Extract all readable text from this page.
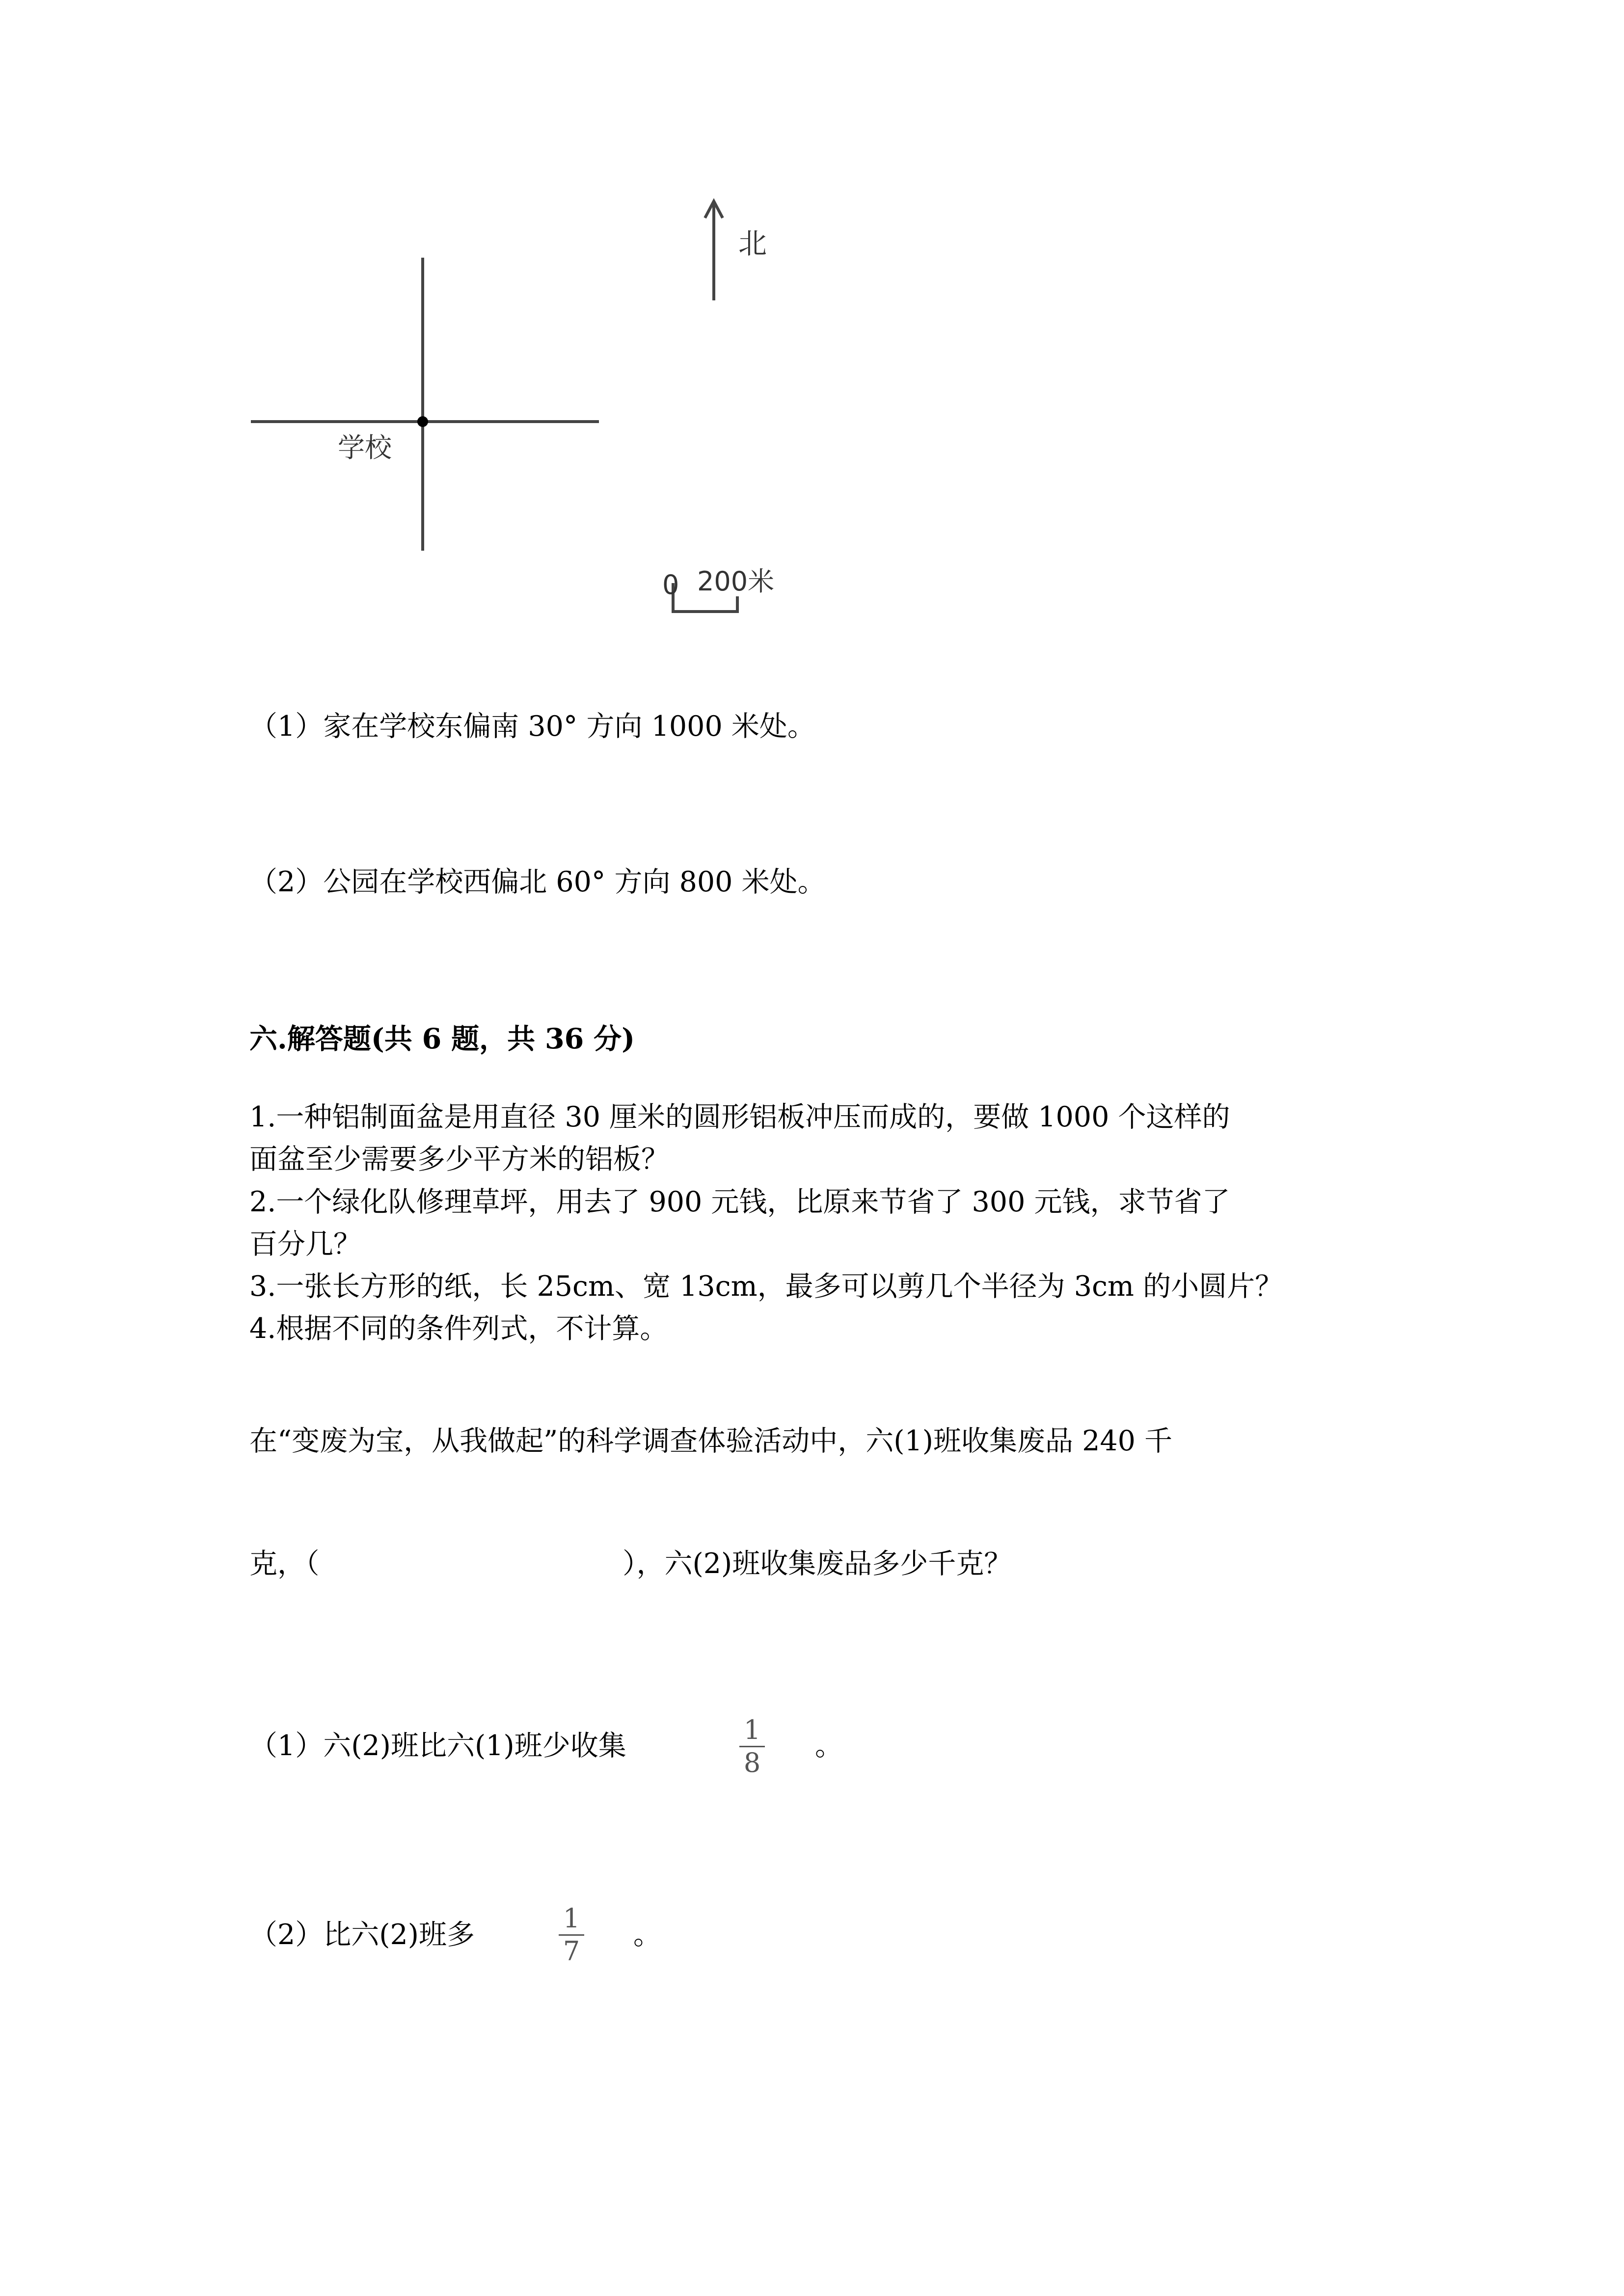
北
学校
0 200米
（1）家在学校东偏南 30° 方向 1000 米处。
（2）公园在学校西偏北 60° 方向 800 米处。
六.解答题(共 6 题，共 36 分)
1.一种铝制面盆是用直径 30 厘米的圆形铝板冲压而成的，要做 1000 个这样的
面盆至少需要多少平方米的铝板？
2.一个绿化队修理草坪，用去了 900 元钱，比原来节省了 300 元钱，求节省了
百分几？
3.一张长方形的纸，长 25cm、宽 13cm，最多可以剪几个半径为 3cm 的小圆片？
4.根据不同的条件列式，不计算。
在“变废为宝，从我做起”的科学调查体验活动中，六(1)班收集废品 240 千
克，（	），六(2)班收集废品多少千克？
（1）六(2)班比六(1)班少收集	1
8
。
（2）比六(2)班多
1
7
。
